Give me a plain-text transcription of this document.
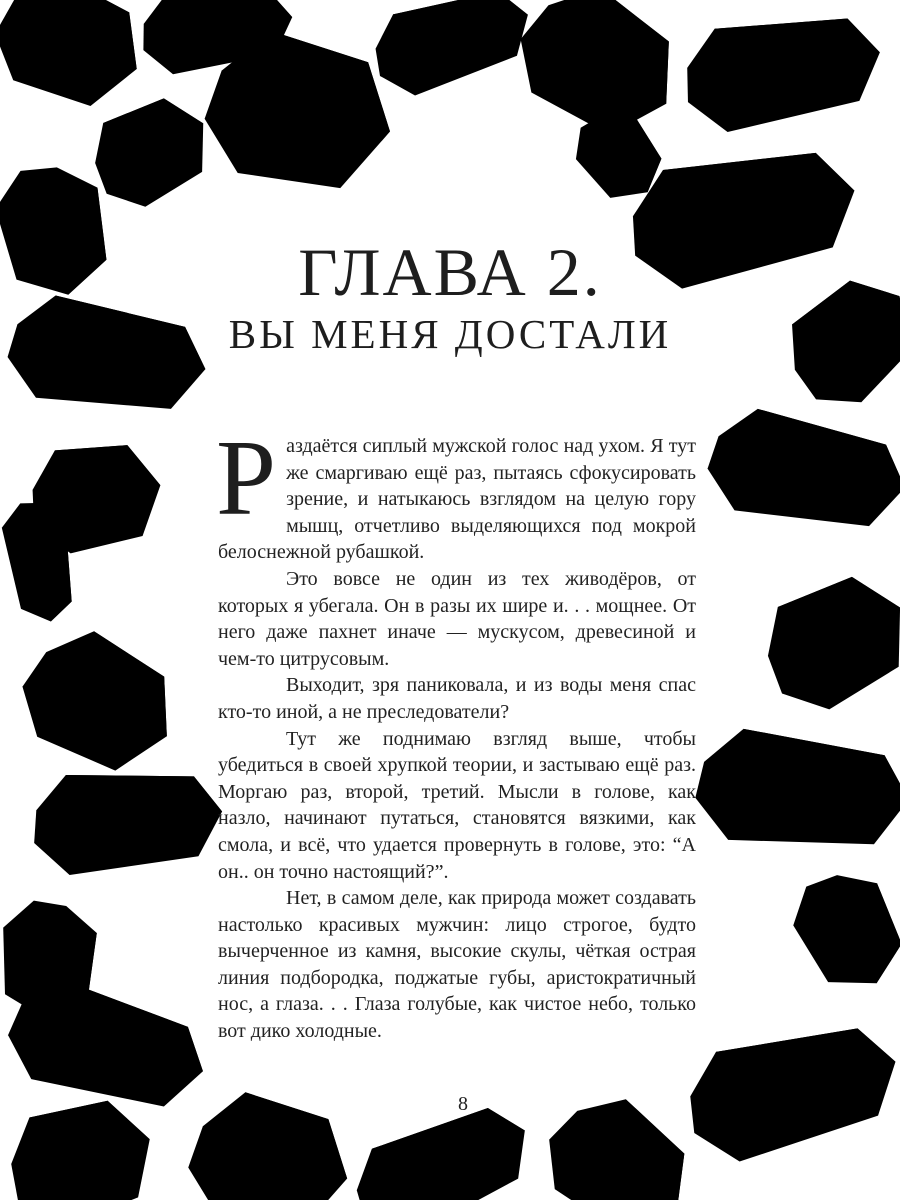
ГЛАВА 2.
ВЫ МЕНЯ ДОСТАЛИ

Раздаётся сиплый мужской голос над ухом. Я тут же смаргиваю ещё раз, пытаясь сфокусировать зрение, и натыкаюсь взглядом на целую гору мышц, отчетливо выделяющихся под мокрой белоснежной рубашкой.

Это вовсе не один из тех живодёров, от которых я убегала. Он в разы их шире и. . . мощнее. От него даже пахнет иначе — мускусом, древесиной и чем-то цитрусовым.

Выходит, зря паниковала, и из воды меня спас кто-то иной, а не преследователи?

Тут же поднимаю взгляд выше, чтобы убедиться в своей хрупкой теории, и застываю ещё раз. Моргаю раз, второй, третий. Мысли в голове, как назло, начинают путаться, становятся вязкими, как смола, и всё, что удается провернуть в голове, это: “А он.. он точно настоящий?”.

Нет, в самом деле, как природа может создавать настолько красивых мужчин: лицо строгое, будто вычерченное из камня, высокие скулы, чёткая острая линия подбородка, поджатые губы, аристократичный нос, а глаза. . . Глаза голубые, как чистое небо, только вот дико холодные.

8
